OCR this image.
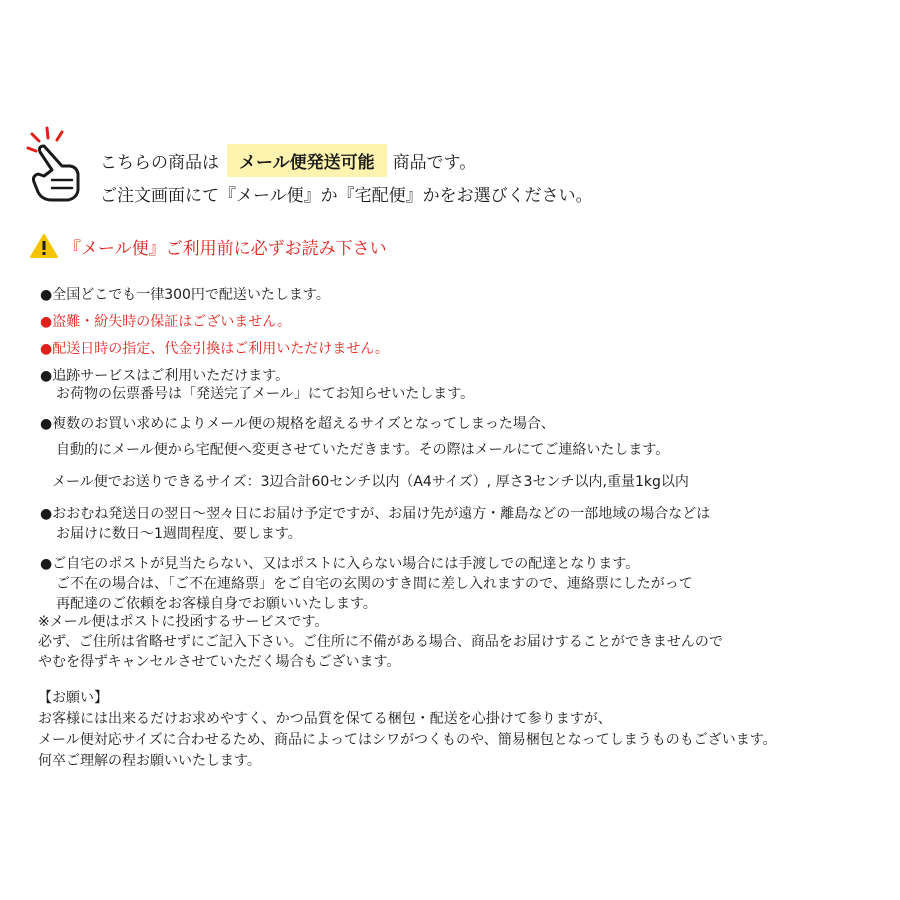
こちらの商品は	メール便発送可能	商品です。
ご注文画面にて『メール便』か『宅配便』かをお選びください。
『メール便』ご利用前に必ずお読み下さい

●全国どこでも一律300円で配送いたします。

●盗難・紛失時の保証はございません。

●配送日時の指定、代金引換はご利用いただけません。

●追跡サービスはご利用いただけます。

お荷物の伝票番号は「発送完了メール」にてお知らせいたします。

●複数のお買い求めによりメール便の規格を超えるサイズとなってしまった場合、

自動的にメール便から宅配便へ変更させていただきます。その際はメールにてご連絡いたします。

メール便でお送りできるサイズ：3辺合計60センチ以内（A4サイズ）, 厚さ3センチ以内,重量1kg以内

●おおむね発送日の翌日～翌々日にお届け予定ですが、お届け先が遠方・離島などの一部地域の場合などは

お届けに数日～1週間程度、要します。

●ご自宅のポストが見当たらない、又はポストに入らない場合には手渡しでの配達となります。

ご不在の場合は、「ご不在連絡票」をご自宅の玄関のすき間に差し入れますので、連絡票にしたがって

再配達のご依頼をお客様自身でお願いいたします。

※メール便はポストに投函するサービスです。
必ず、ご住所は省略せずにご記入下さい。ご住所に不備がある場合、商品をお届けすることができませんので
やむを得ずキャンセルさせていただく場合もございます。
【お願い】
お客様には出来るだけお求めやすく、かつ品質を保てる梱包・配送を心掛けて参りますが、
メール便対応サイズに合わせるため、商品によってはシワがつくものや、簡易梱包となってしまうものもございます。
何卒ご理解の程お願いいたします。
